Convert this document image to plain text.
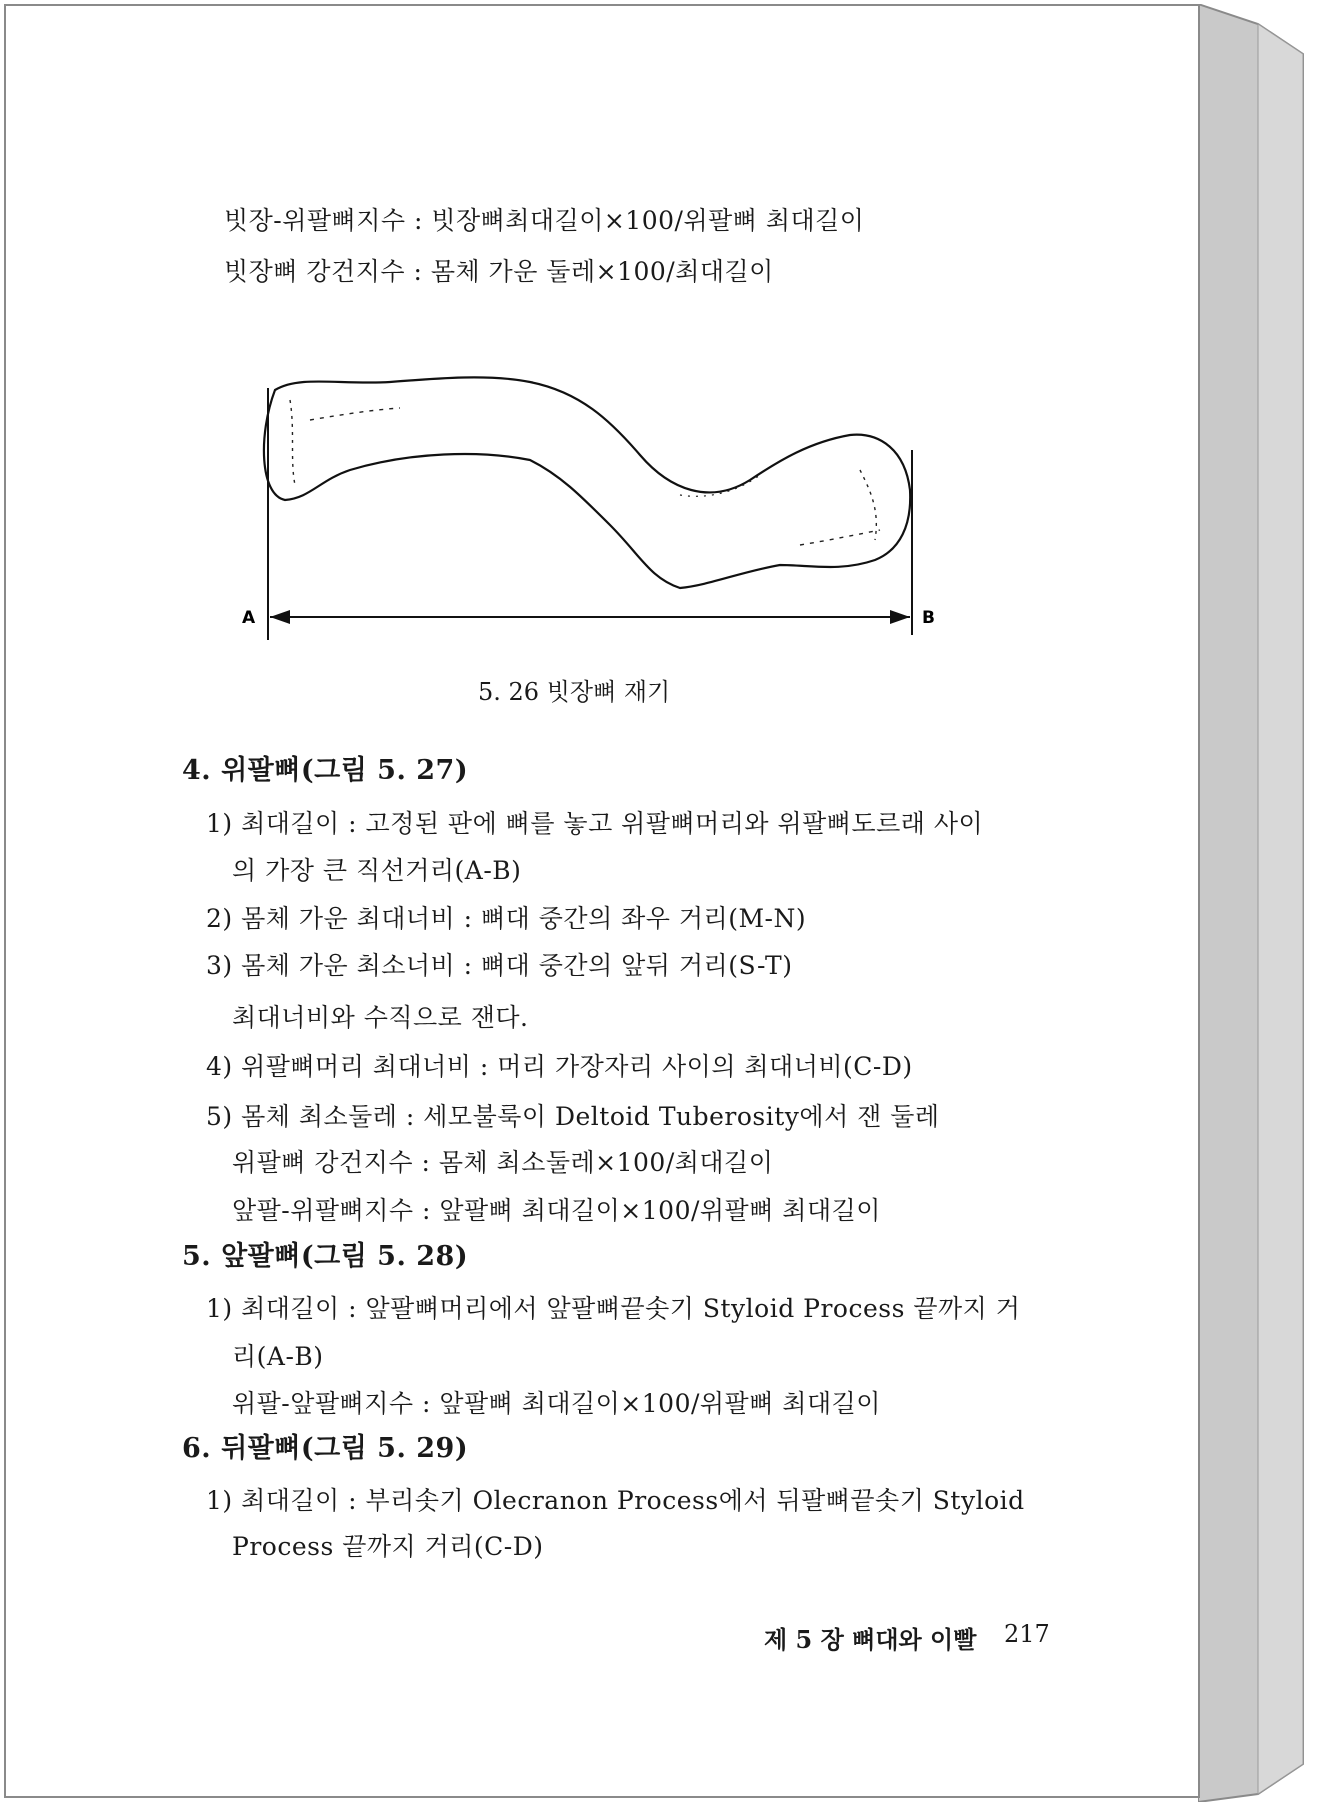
빗장-위팔뼈지수 : 빗장뼈최대길이×100/위팔뼈 최대길이
빗장뼈 강건지수 : 몸체 가운 둘레×100/최대길이
A	B
5. 26 빗장뼈 재기
4. 위팔뼈(그림 5. 27)
1) 최대길이 : 고정된 판에 뼈를 놓고 위팔뼈머리와 위팔뼈도르래 사이
의 가장 큰 직선거리(A-B)
2) 몸체 가운 최대너비 : 뼈대 중간의 좌우 거리(M-N)
3) 몸체 가운 최소너비 : 뼈대 중간의 앞뒤 거리(S-T)
최대너비와 수직으로 잰다.
4) 위팔뼈머리 최대너비 : 머리 가장자리 사이의 최대너비(C-D)
5) 몸체 최소둘레 : 세모불룩이 Deltoid Tuberosity에서 잰 둘레
위팔뼈 강건지수 : 몸체 최소둘레×100/최대길이
앞팔-위팔뼈지수 : 앞팔뼈 최대길이×100/위팔뼈 최대길이
5. 앞팔뼈(그림 5. 28)
1) 최대길이 : 앞팔뼈머리에서 앞팔뼈끝솟기 Styloid Process 끝까지 거
리(A-B)
위팔-앞팔뼈지수 : 앞팔뼈 최대길이×100/위팔뼈 최대길이
6. 뒤팔뼈(그림 5. 29)
1) 최대길이 : 부리솟기 Olecranon Process에서 뒤팔뼈끝솟기 Styloid
Process 끝까지 거리(C-D)
제 5 장 뼈대와 이빨 217
